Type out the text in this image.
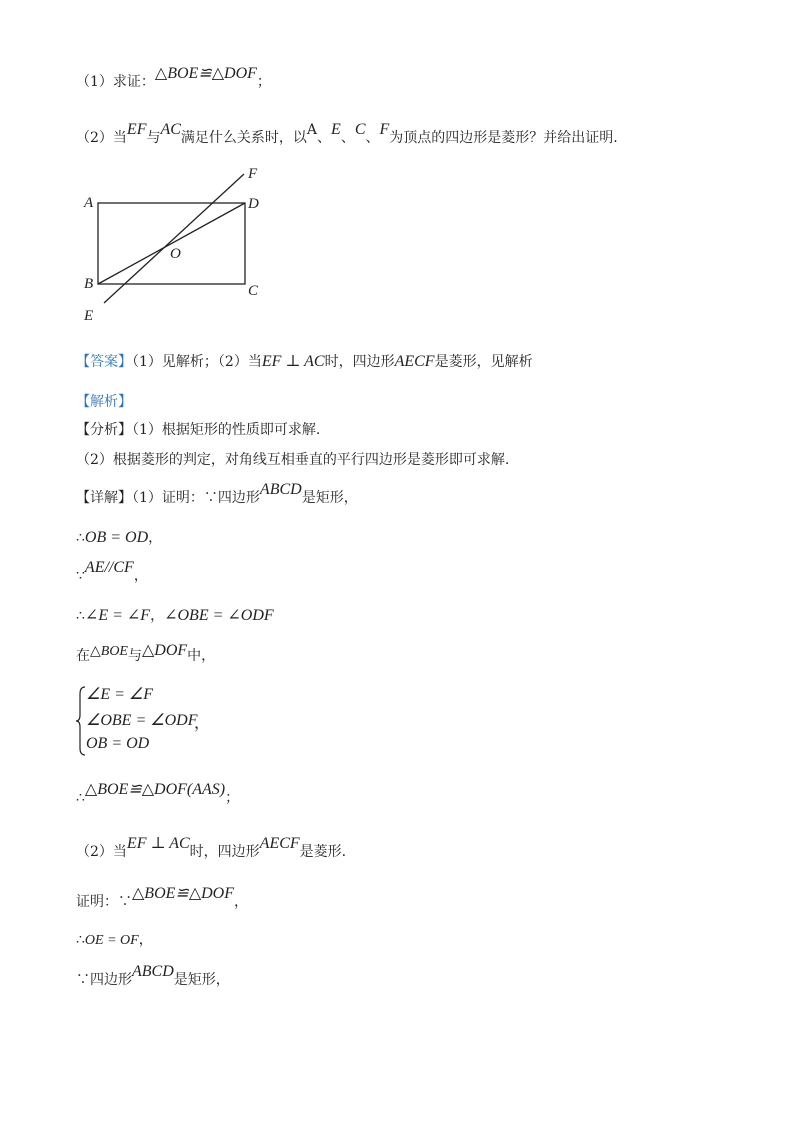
（1）求证：△BOE≌△DOF；
（2）当EF与AC满足什么关系时，以A、E、C、F为顶点的四边形是菱形？并给出证明.
A
B	C
D
E
F
O
【答案】（1）见解析；（2）当EF ⊥ AC时，四边形AECF是菱形，见解析
【解析】
【分析】（1）根据矩形的性质即可求解.
（2）根据菱形的判定，对角线互相垂直的平行四边形是菱形即可求解.
【详解】（1）证明：∵四边形ABCD是矩形，
∴OB = OD，
∵AE//CF，
∴∠E = ∠F，∠OBE = ∠ODF
在△BOE与△DOF中，
∠E = ∠F
∠OBE = ∠ODF
OB = OD
，
∴△BOE≌△DOF(AAS)；
（2）当EF ⊥ AC时，四边形AECF是菱形.
证明：∵△BOE≌△DOF，
∴OE = OF，
∵四边形ABCD是矩形，
